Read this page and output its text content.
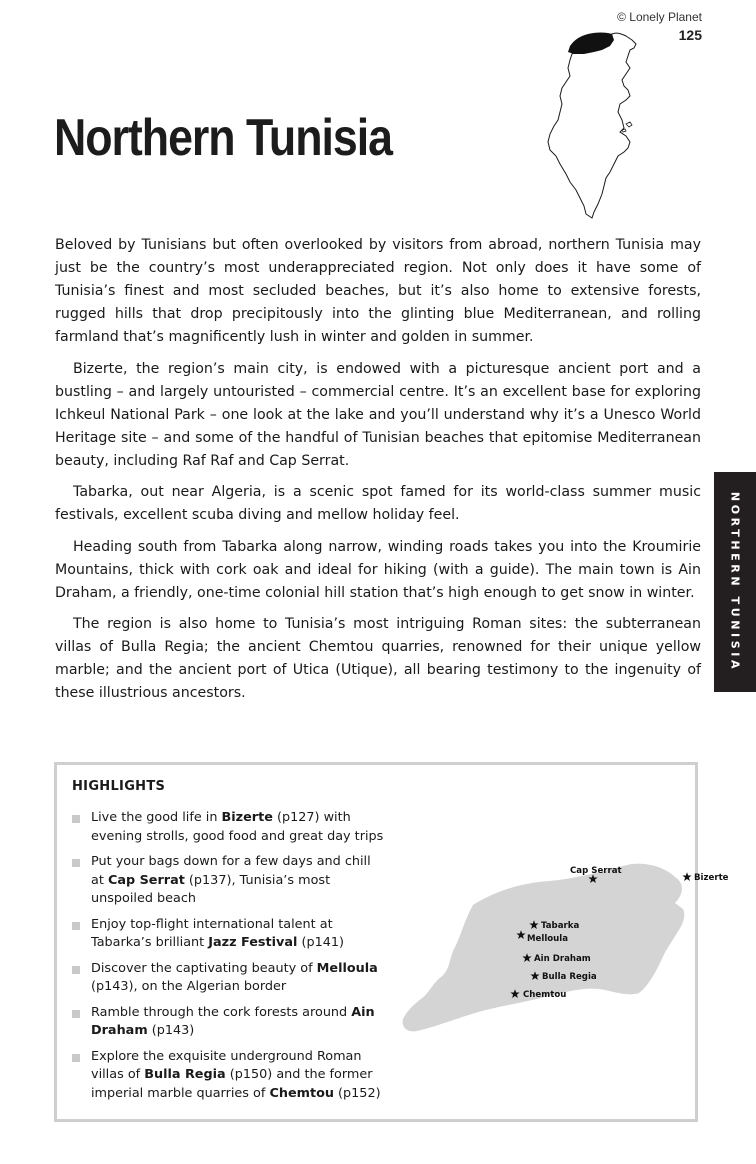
© Lonely Planet
125
Northern Tunisia

Beloved by Tunisians but often overlooked by visitors from abroad, northern Tunisia may just be the country’s most underappreciated region. Not only does it have some of Tunisia’s finest and most secluded beaches, but it’s also home to extensive forests, rugged hills that drop precipitously into the glinting blue Mediterranean, and rolling farmland that’s magnificently lush in winter and golden in summer.

Bizerte, the region’s main city, is endowed with a picturesque ancient port and a bustling – and largely untouristed – commercial centre. It’s an excellent base for exploring Ichkeul National Park – one look at the lake and you’ll understand why it’s a Unesco World Heritage site – and some of the handful of Tunisian beaches that epitomise Mediterranean beauty, including Raf Raf and Cap Serrat.

Tabarka, out near Algeria, is a scenic spot famed for its world-class summer music festivals, excellent scuba diving and mellow holiday feel.

Heading south from Tabarka along narrow, winding roads takes you into the Kroumirie Mountains, thick with cork oak and ideal for hiking (with a guide). The main town is Ain Draham, a friendly, one-time colonial hill station that’s high enough to get snow in winter.

The region is also home to Tunisia’s most intriguing Roman sites: the subterranean villas of Bulla Regia; the ancient Chemtou quarries, renowned for their unique yellow marble; and the ancient port of Utica (Utique), all bearing testimony to the ingenuity of these illustrious ancestors.

NORTHERN TUNISIA
HIGHLIGHTS
Live the good life in Bizerte (p127) with evening strolls, good food and great day trips
Put your bags down for a few days and chill at Cap Serrat (p137), Tunisia’s most unspoiled beach
Enjoy top-flight international talent at Tabarka’s brilliant Jazz Festival (p141)
Discover the captivating beauty of Melloula (p143), on the Algerian border
Ramble through the cork forests around Ain Draham (p143)
Explore the exquisite underground Roman villas of Bulla Regia (p150) and the former imperial marble quarries of Chemtou (p152)
Cap Serrat
Bizerte
Tabarka
Melloula
Ain Draham
Bulla Regia
Chemtou
